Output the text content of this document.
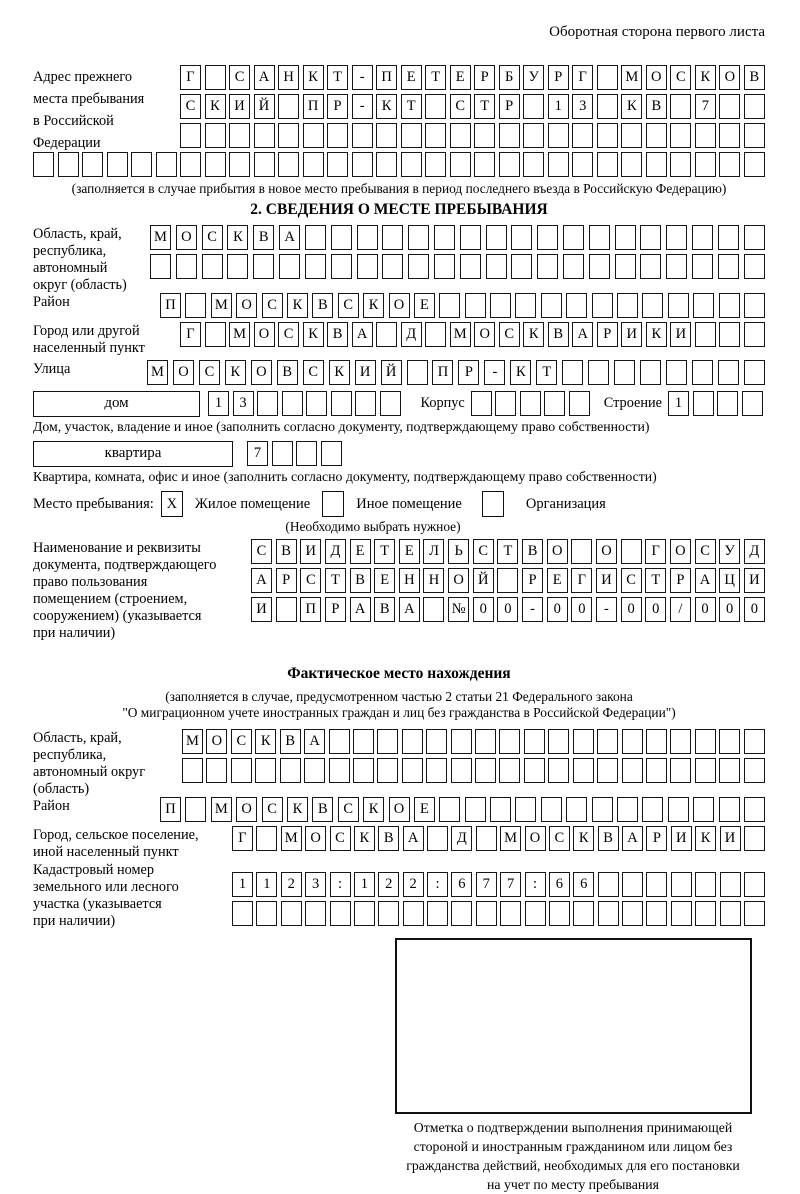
Оборотная сторона первого листа
Адрес прежнего
места пребывания
в Российской
Федерации
Г	С А Н К	Т	-	П	Е	Т	Е	Р	Б	У	Р	Г	М О С	К О В
С	К И Й	П	Р	-	К	Т	С	Т	Р	1	3	К	В	7
(заполняется в случае прибытия в новое место пребывания в период последнего въезда в Российскую Федерацию)
2. СВЕДЕНИЯ О МЕСТЕ ПРЕБЫВАНИЯ
Область, край,
республика,
автономный
округ (область)
М О	С	К	В	А
Район	П	М О	С	К	В	С	К	О	Е
Город или другой
населенный пункт
Г	М О С	К	В А	Д	М О С	К	В А	Р	И К И
Улица	М О	С	К	О	В	С	К	И	Й	П	Р	-	К	Т
дом	1	3	Корпус	Строение 1
Дом, участок, владение и иное (заполнить согласно документу, подтверждающему право собственности)
квартира	7
Квартира, комната, офис и иное (заполнить согласно документу, подтверждающему право собственности)
Место пребывания: X	Жилое помещение	Иное помещение	Организация
(Необходимо выбрать нужное)
Наименование и реквизиты
документа, подтверждающего
право пользования
помещением (строением,
сооружением) (указывается
при наличии)
С	В	И Д	Е	Т	Е	Л	Ь	С	Т	В	О	О	Г	О	С	У	Д
А	Р	С	Т	В	Е	Н Н О Й	Р	Е	Г	И	С	Т	Р	А Ц И
И	П	Р	А	В	А	№ 0	0	-	0	0	-	0	0	/	0	0	0
Фактическое место нахождения
(заполняется в случае, предусмотренном частью 2 статьи 21 Федерального закона
"О миграционном учете иностранных граждан и лиц без гражданства в Российской Федерации")
Область, край,
республика,
автономный округ
(область)
М О С	К	В А
Район	П	М О	С	К	В	С	К	О	Е
Город, сельское поселение,
иной населенный пункт
Г	М О С	К	В А	Д	М О С	К	В А	Р	И К И
Кадастровый номер
земельного или лесного
участка (указывается
при наличии)
1	1	2	3	:	1	2	2	:	6	7	7	:	6	6
Отметка о подтверждении выполнения принимающей
стороной и иностранным гражданином или лицом без
гражданства действий, необходимых для его постановки
на учет по месту пребывания
